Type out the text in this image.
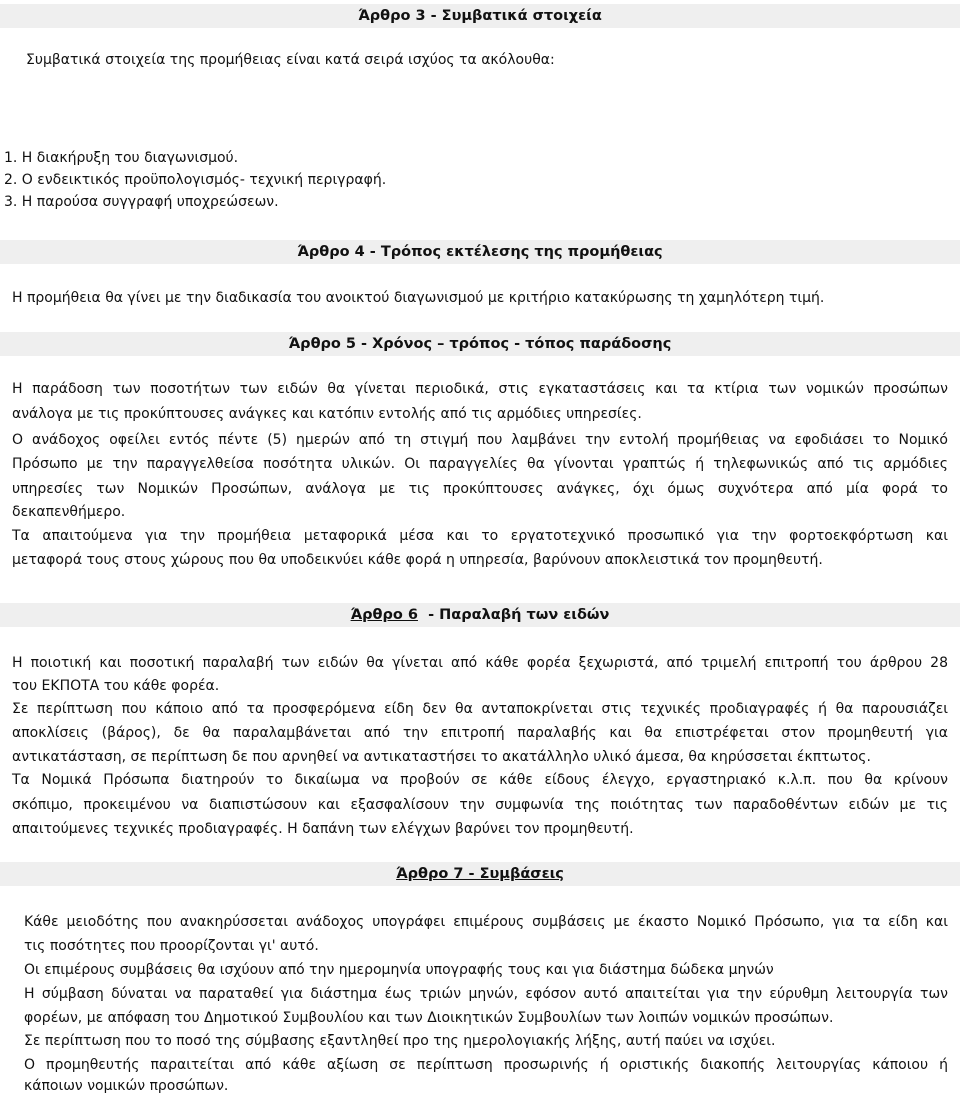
Άρθρο 3 - Συμβατικά στοιχεία
Συμβατικά στοιχεία της προμήθειας είναι κατά σειρά ισχύος τα ακόλουθα:
1. Η διακήρυξη του διαγωνισμού.
2. Ο ενδεικτικός προϋπολογισμός- τεχνική περιγραφή.
3. Η παρούσα συγγραφή υποχρεώσεων.
Άρθρο 4 - Τρόπος εκτέλεσης της προμήθειας
Η προμήθεια θα γίνει με την διαδικασία του ανοικτού διαγωνισμού με κριτήριο κατακύρωσης τη χαμηλότερη τιμή.
Άρθρο 5 - Χρόνος – τρόπος - τόπος παράδοσης
Η παράδοση των ποσοτήτων των ειδών θα γίνεται περιοδικά, στις εγκαταστάσεις και τα κτίρια των νομικών προσώπων
ανάλογα με τις προκύπτουσες ανάγκες και κατόπιν εντολής από τις αρμόδιες υπηρεσίες.
Ο ανάδοχος οφείλει εντός πέντε (5) ημερών από τη στιγμή που λαμβάνει την εντολή προμήθειας να εφοδιάσει το Νομικό
Πρόσωπο με την παραγγελθείσα ποσότητα υλικών. Οι παραγγελίες θα γίνονται γραπτώς ή τηλεφωνικώς από τις αρμόδιες
υπηρεσίες των Νομικών Προσώπων, ανάλογα με τις προκύπτουσες ανάγκες, όχι όμως συχνότερα από μία φορά το
δεκαπενθήμερο.
Τα απαιτούμενα για την προμήθεια μεταφορικά μέσα και το εργατοτεχνικό προσωπικό για την φορτοεκφόρτωση και
μεταφορά τους στους χώρους που θα υποδεικνύει κάθε φορά η υπηρεσία, βαρύνουν αποκλειστικά τον προμηθευτή.
Άρθρο 6  - Παραλαβή των ειδών
Η ποιοτική και ποσοτική παραλαβή των ειδών θα γίνεται από κάθε φορέα ξεχωριστά, από τριμελή επιτροπή του άρθρου 28
του ΕΚΠΟΤΑ του κάθε φορέα.
Σε περίπτωση που κάποιο από τα προσφερόμενα είδη δεν θα ανταποκρίνεται στις τεχνικές προδιαγραφές ή θα παρουσιάζει
αποκλίσεις (βάρος), δε θα παραλαμβάνεται από την επιτροπή παραλαβής και θα επιστρέφεται στον προμηθευτή για
αντικατάσταση, σε περίπτωση δε που αρνηθεί να αντικαταστήσει το ακατάλληλο υλικό άμεσα, θα κηρύσσεται έκπτωτος.
Τα Νομικά Πρόσωπα διατηρούν το δικαίωμα να προβούν σε κάθε είδους έλεγχο, εργαστηριακό κ.λ.π. που θα κρίνουν
σκόπιμο, προκειμένου να διαπιστώσουν και εξασφαλίσουν την συμφωνία της ποιότητας των παραδοθέντων ειδών με τις
απαιτούμενες τεχνικές προδιαγραφές. Η δαπάνη των ελέγχων βαρύνει τον προμηθευτή.
Άρθρο 7 - Συμβάσεις
Κάθε μειοδότης που ανακηρύσσεται ανάδοχος υπογράφει επιμέρους συμβάσεις με έκαστο Νομικό Πρόσωπο, για τα είδη και
τις ποσότητες που προορίζονται γι' αυτό.
Οι επιμέρους συμβάσεις θα ισχύουν από την ημερομηνία υπογραφής τους και για διάστημα δώδεκα μηνών
Η σύμβαση δύναται να παραταθεί για διάστημα έως τριών μηνών, εφόσον αυτό απαιτείται για την εύρυθμη λειτουργία των
φορέων, με απόφαση του Δημοτικού Συμβουλίου και των Διοικητικών Συμβουλίων των λοιπών νομικών προσώπων.
Σε περίπτωση που το ποσό της σύμβασης εξαντληθεί προ της ημερολογιακής λήξης, αυτή παύει να ισχύει.
Ο προμηθευτής παραιτείται από κάθε αξίωση σε περίπτωση προσωρινής ή οριστικής διακοπής λειτουργίας κάποιου ή
κάποιων νομικών προσώπων.
